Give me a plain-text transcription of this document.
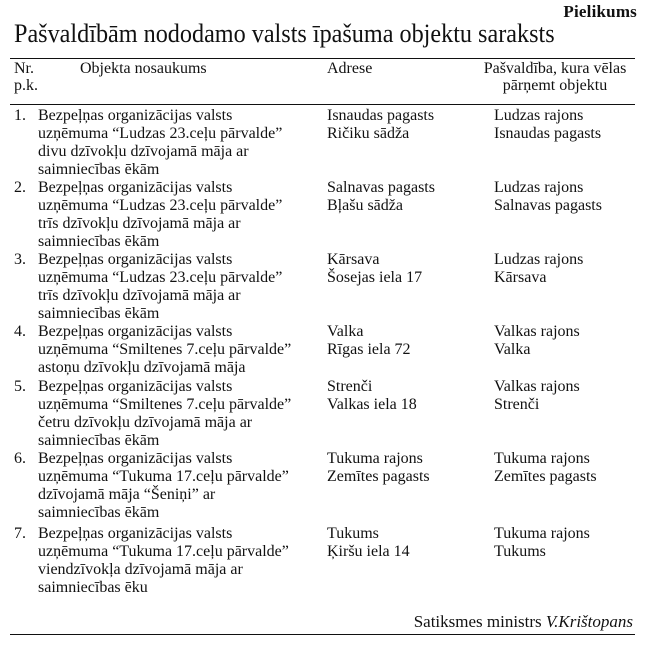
Pielikums
Pašvaldībām nododamo valsts īpašuma objektu saraksts
Nr.
p.k.
Objekta nosaukums	Adrese	Pašvaldība, kura vēlas
pārņemt objektu
1. Bezpeļņas organizācijas valsts
uzņēmuma “Ludzas 23.ceļu pārvalde”
divu dzīvokļu dzīvojamā māja ar
saimniecības ēkām
Isnaudas pagasts
Ričiku sādža
Ludzas rajons
Isnaudas pagasts
2. Bezpeļņas organizācijas valsts
uzņēmuma “Ludzas 23.ceļu pārvalde”
trīs dzīvokļu dzīvojamā māja ar
saimniecības ēkām
Salnavas pagasts
Bļašu sādža
Ludzas rajons
Salnavas pagasts
3. Bezpeļņas organizācijas valsts
uzņēmuma “Ludzas 23.ceļu pārvalde”
trīs dzīvokļu dzīvojamā māja ar
saimniecības ēkām
Kārsava
Šosejas iela 17
Ludzas rajons
Kārsava
4. Bezpeļņas organizācijas valsts
uzņēmuma “Smiltenes 7.ceļu pārvalde”
astoņu dzīvokļu dzīvojamā māja
Valka
Rīgas iela 72
Valkas rajons
Valka
5. Bezpeļņas organizācijas valsts
uzņēmuma “Smiltenes 7.ceļu pārvalde”
četru dzīvokļu dzīvojamā māja ar
saimniecības ēkām
Strenči
Valkas iela 18
Valkas rajons
Strenči
6. Bezpeļņas organizācijas valsts
uzņēmuma “Tukuma 17.ceļu pārvalde”
dzīvojamā māja “Šeniņi” ar
saimniecības ēkām
Tukuma rajons
Zemītes pagasts
Tukuma rajons
Zemītes pagasts
7. Bezpeļņas organizācijas valsts
uzņēmuma “Tukuma 17.ceļu pārvalde”
viendzīvokļa dzīvojamā māja ar
saimniecības ēku
Tukums
Ķiršu iela 14
Tukuma rajons
Tukums
Satiksmes ministrs V.Krištopans
